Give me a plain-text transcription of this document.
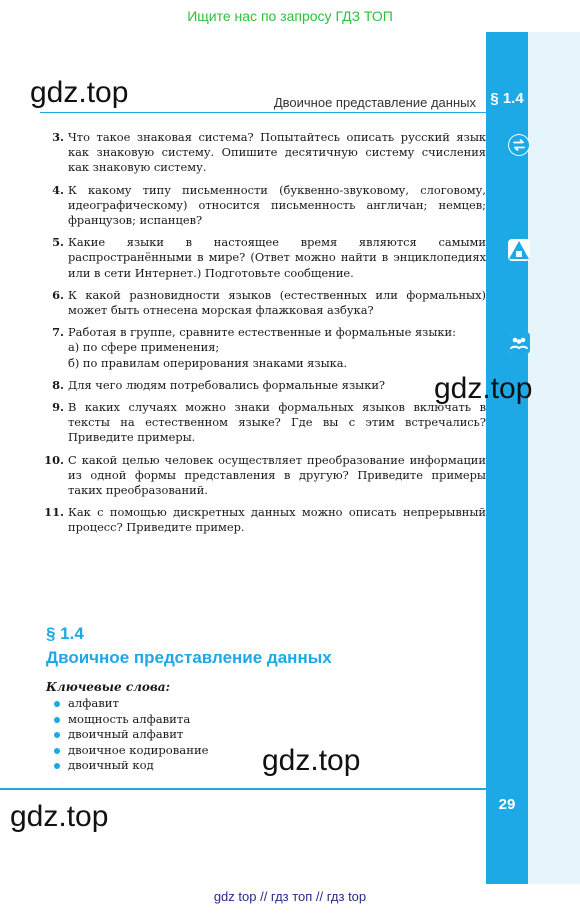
Ищите нас по запросу ГДЗ ТОП
Двоичное представление данных § 1.4
gdz.top
gdz.top
gdz.top
gdz.top
3 . Что такое знаковая система? Попытайтесь описать русский язык как знаковую систему. Опишите десятичную систему счисления как знаковую систему.
4 . К какому типу письменности (буквенно-звуковому, слоговому, идеографическому) относится письменность англичан; немцев; французов; испанцев?
5 . Какие языки в настоящее время являются самыми распространёнными в мире? (Ответ можно найти в энциклопедиях или в сети Интернет.) Подготовьте сообщение.
6 . К какой разновидности языков (естественных или формальных) может быть отнесена морская флажковая азбука?
7 . Работая в группе, сравните естественные и формальные языки:
а) по сфере применения;
б) по правилам оперирования знаками языка.
8 . Для чего людям потребовались формальные языки?
9 . В каких случаях можно знаки формальных языков включать в тексты на естественном языке? Где вы с этим встречались? Приведите примеры.
10 . С какой целью человек осуществляет преобразование информации из одной формы представления в другую? Приведите примеры таких преобразований.
11 . Как с помощью дискретных данных можно описать непрерывный процесс? Приведите пример.
§ 1.4
Двоичное представление данных
Ключевые слова:
алфавит
мощность алфавита
двоичный алфавит
двоичное кодирование
двоичный код
29
gdz top // гдз топ // гдз top
